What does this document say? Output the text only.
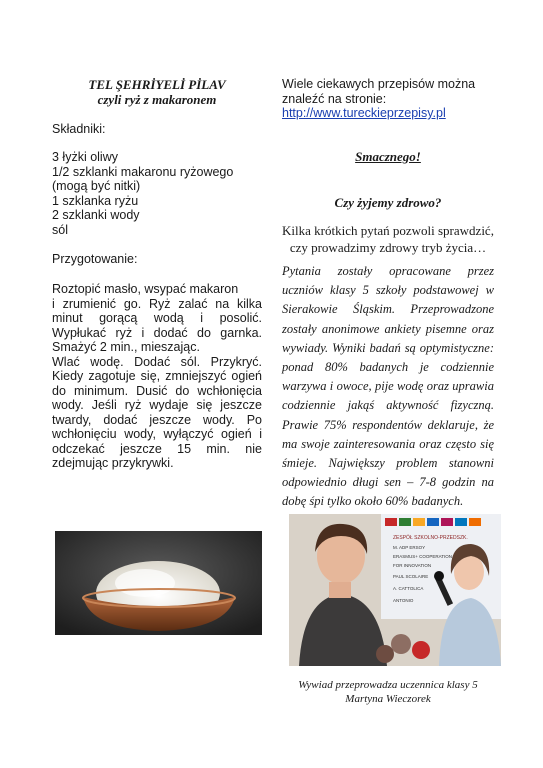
TEL ŞEHRİYELİ PİLAV
czyli ryż z makaronem
Składniki:
3 łyżki oliwy
1/2 szklanki makaronu ryżowego (mogą być nitki)
1 szklanka ryżu
2 szklanki wody
sól
Przygotowanie:

Roztopić masło, wsypać makaron

i zrumienić go. Ryż zalać na kilka minut gorącą wodą i posolić. Wypłukać ryż i dodać do garnka. Smażyć 2 min., mieszając.

Wlać wodę. Dodać sól. Przykryć. Kiedy zagotuje się, zmniejszyć ogień do minimum. Dusić do wchłonięcia wody. Jeśli ryż wydaje się jeszcze twardy, dodać jeszcze wody. Po wchłonięciu wody, wyłączyć ogień i odczekać jeszcze 15 min. nie zdejmując przykrywki.

Wiele ciekawych przepisów można znaleźć na stronie:
http://www.tureckieprzepisy.pl
Smacznego!
Czy żyjemy zdrowo?
Kilka krótkich pytań pozwoli sprawdzić, czy prowadzimy zdrowy tryb życia…

Pytania zostały opracowane przez uczniów klasy 5 szkoły podstawowej w Sierakowie Śląskim. Przeprowadzone zostały anonimowe ankiety pisemne oraz wywiady. Wyniki badań są optymistyczne: ponad 80% badanych je codziennie warzywa i owoce, pije wodę oraz uprawia codziennie jakąś aktywność fizyczną. Prawie 75% respondentów deklaruje, że ma swoje zainteresowania oraz często się śmieje. Największy problem stanowni odpowiednio długi sen – 7-8 godzin na dobę śpi tylko około 60% badanych.

ZESPÓŁ SZKOLNO-PRZEDSZK.
M. ADP ERSOY
ERASMUS+ COOPERATION
FOR INNOVATION
PAUL SCOLAIRE
A. CATTOLICA
ANTONIO
Wywiad przeprowadza uczennica klasy 5 Martyna Wieczorek
